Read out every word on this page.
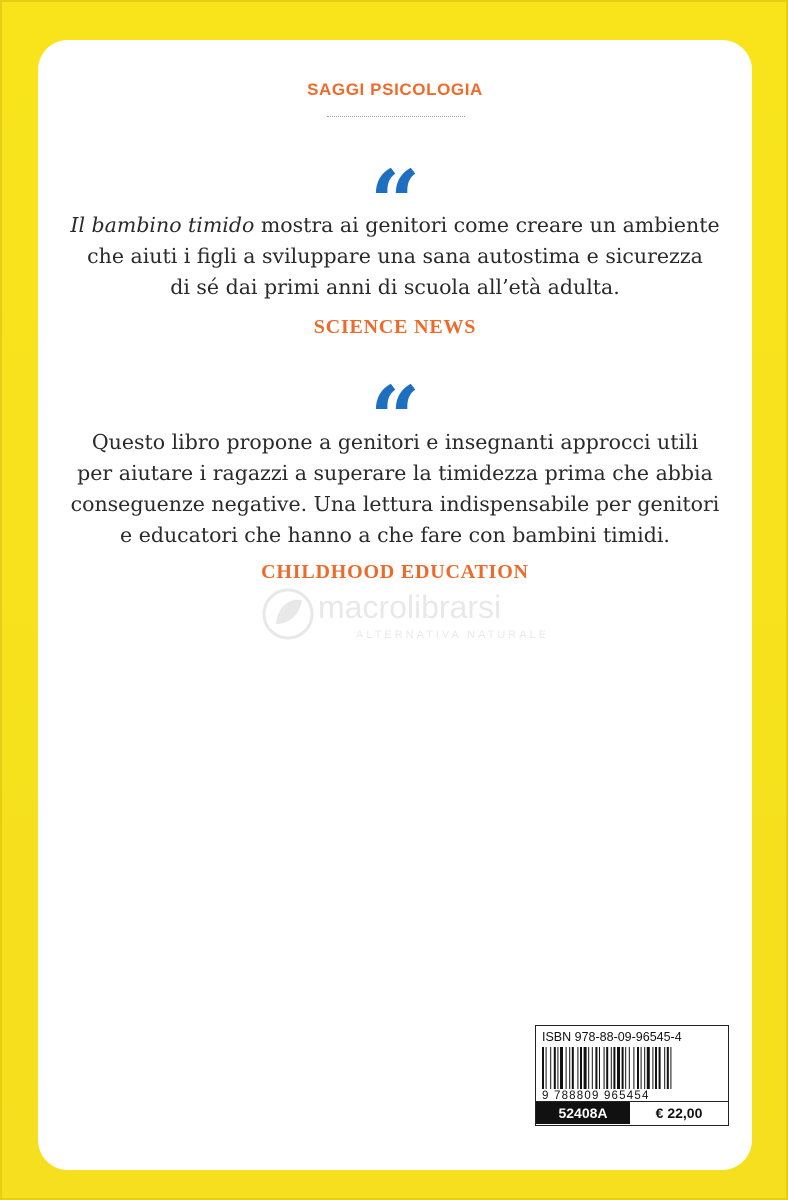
SAGGI PSICOLOGIA
“
Il bambino timido mostra ai genitori come creare un ambiente
che aiuti i figli a sviluppare una sana autostima e sicurezza
di sé dai primi anni di scuola all’età adulta.
SCIENCE NEWS
“
Questo libro propone a genitori e insegnanti approcci utili
per aiutare i ragazzi a superare la timidezza prima che abbia
conseguenze negative. Una lettura indispensabile per genitori
e educatori che hanno a che fare con bambini timidi.
CHILDHOOD EDUCATION
macrolibrarsi
ALTERNATIVA NATURALE
ISBN 978-88-09-96545-4
9 788809 965454
52408A	€ 22,00
